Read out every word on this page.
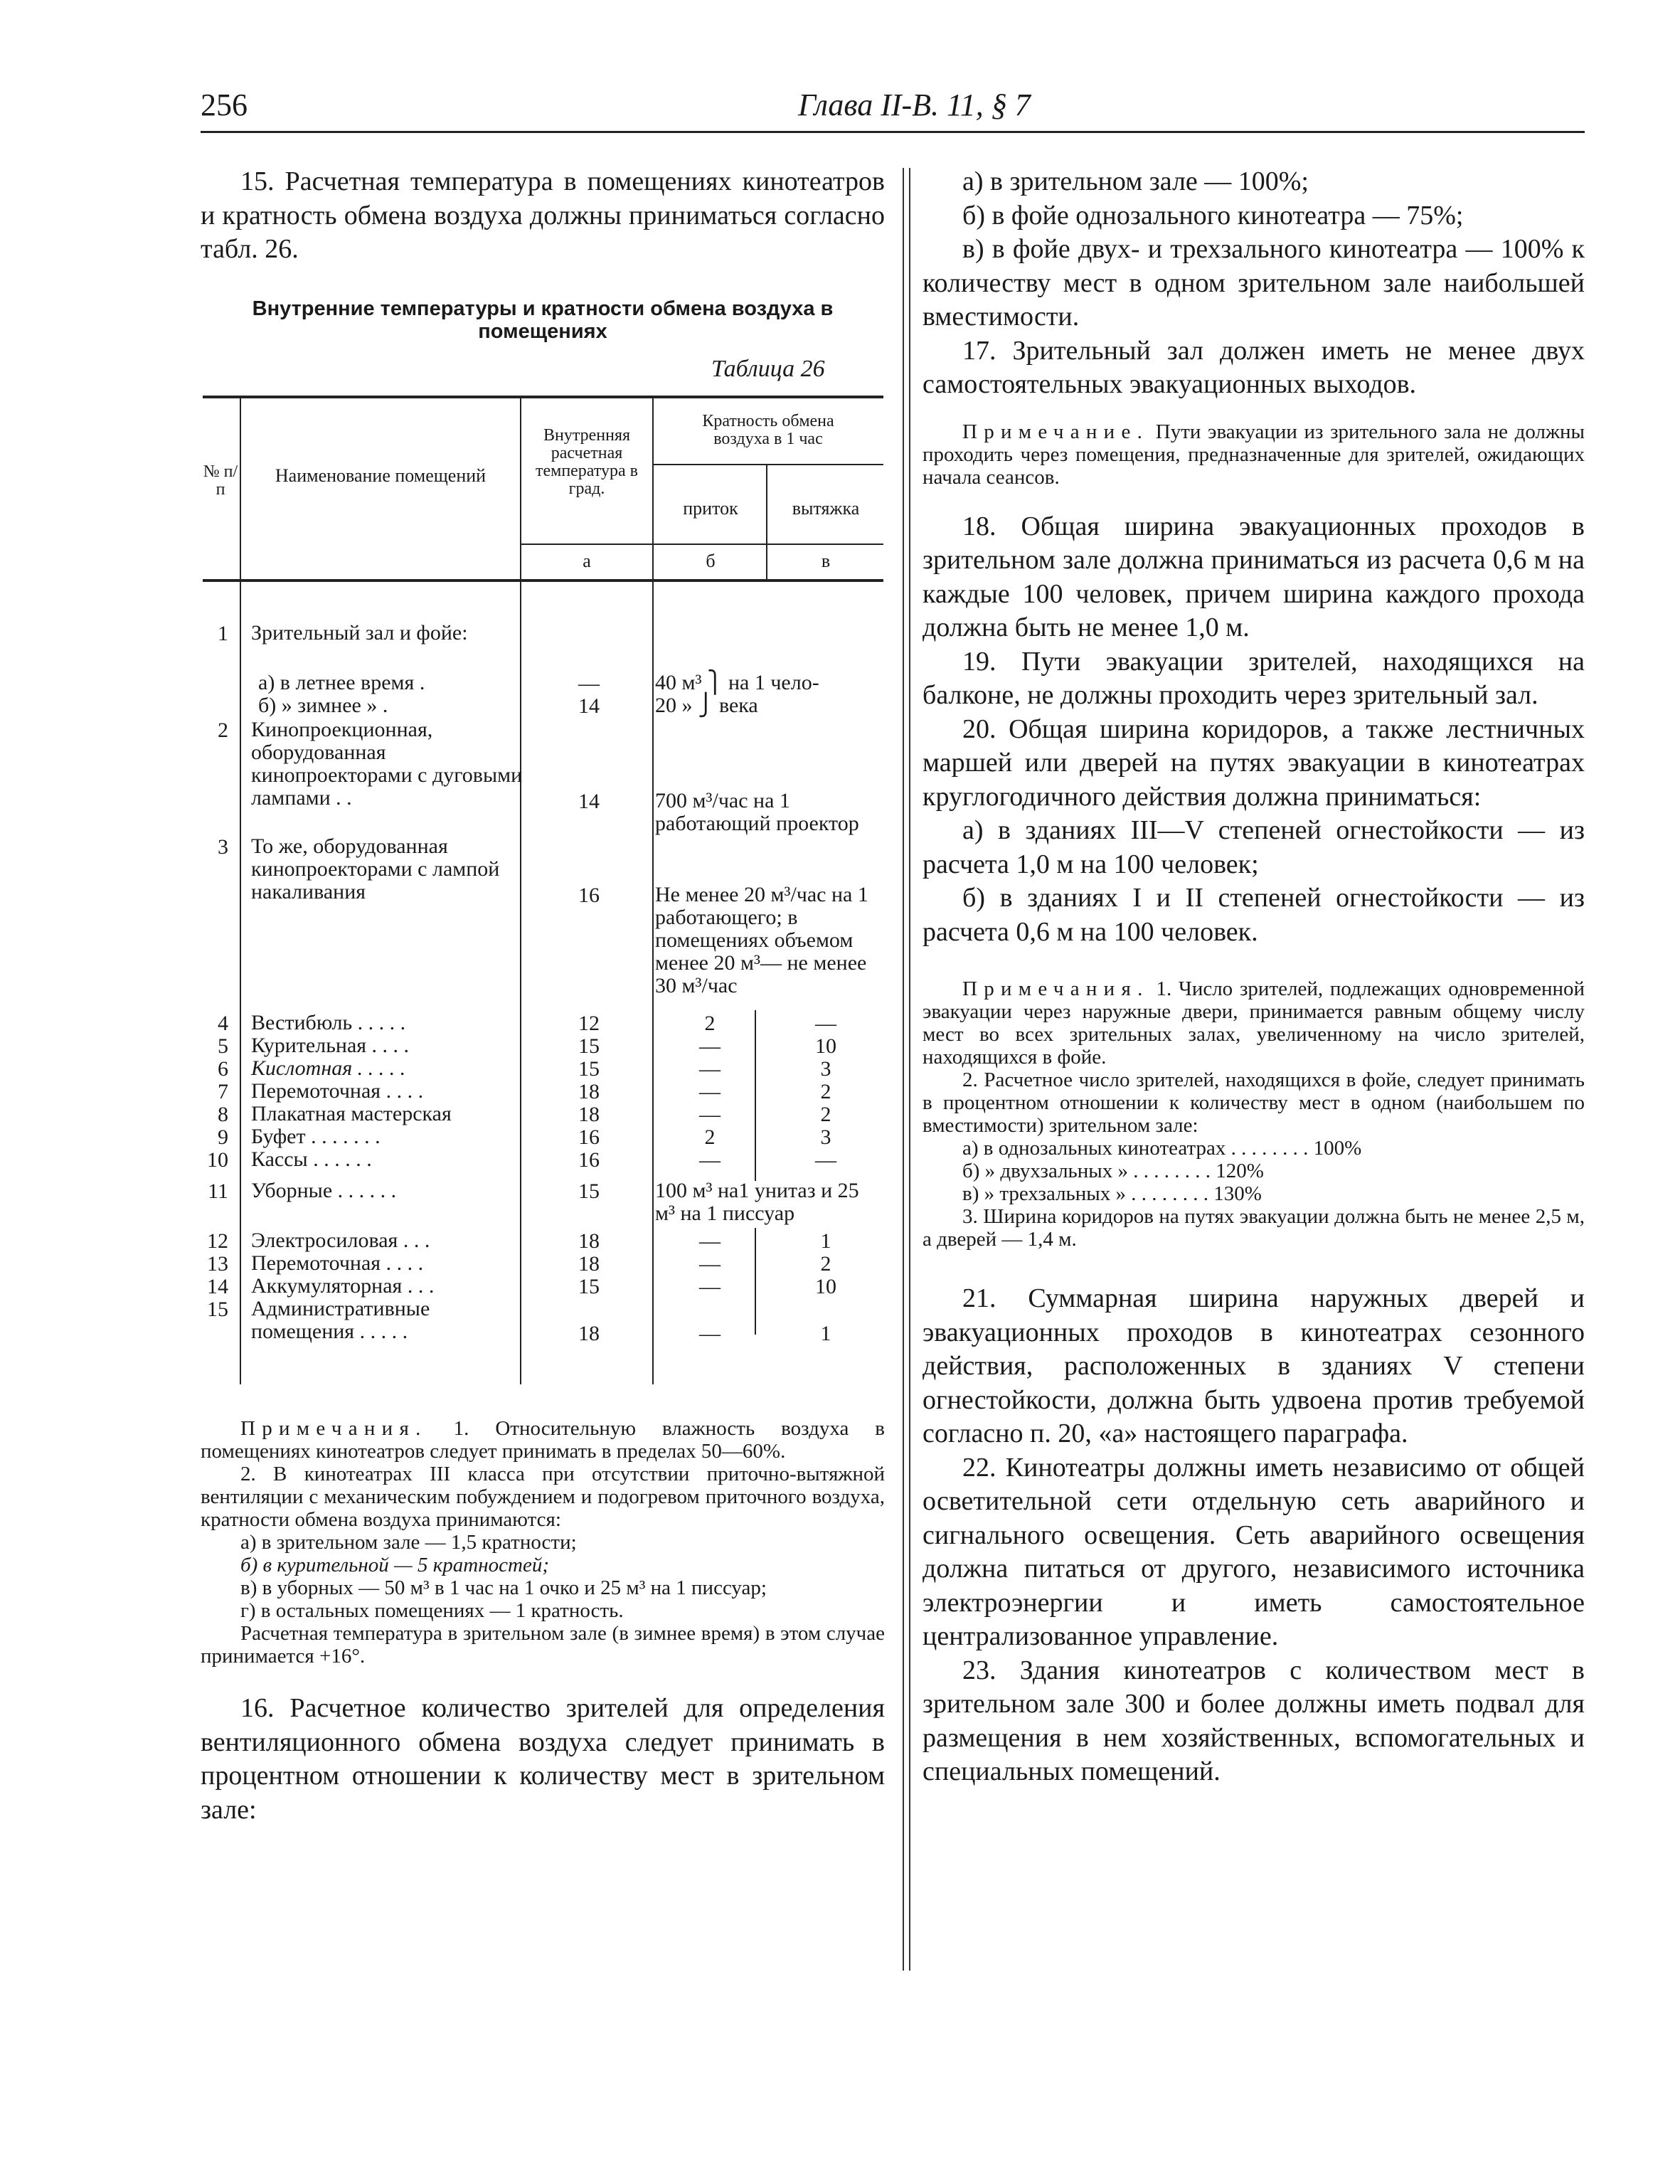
256	Глава II-В. 11, § 7

15. Расчетная температура в помещениях кинотеатров и кратность обмена воздуха должны приниматься согласно табл. 26.

Внутренние температуры и кратности обмена воздуха в помещениях
Таблица 26
№ п/п
Наименование помещений
Внутренняя расчетная температура в град.
Кратность обмена воздуха в 1 час
приток	вытяжка
а	б	в
1 Зрительный зал и фойе:
а) в летнее время .	—	40 м³ ⎫ на 1 чело-
б) » зимнее » .	14	20 » ⎭ века
2 Кинопроекционная, оборудованная кинопроекторами с дуговыми лампами . .	14	700 м³/час на 1 работающий проектор
3 То же, оборудованная кинопроекторами с лампой накаливания	16	Не менее 20 м³/час на 1 работающего; в помещениях объемом менее 20 м³— не менее 30 м³/час
4 Вестибюль . . . . .	12	2	—
5 Курительная . . . .	15	—	10
6 Кислотная . . . . .	15	—	3
7 Перемоточная . . . .	18	—	2
8 Плакатная мастерская	18	—	2
9 Буфет . . . . . . .	16	2	3
10 Кассы . . . . . .	16	—	—
11 Уборные . . . . . .	15	100 м³ на1 унитаз и 25 м³ на 1 писсуар
12 Электросиловая . . .	18	—	1
13 Перемоточная . . . .	18	—	2
14 Аккумуляторная . . .	15	—	10
15 Административные помещения . . . . .	18	—	1

Примечания. 1. Относительную влажность воздуха в помещениях кинотеатров следует принимать в пределах 50—60%.

2. В кинотеатрах III класса при отсутствии приточно-вытяжной вентиляции с механическим побуждением и подогревом приточного воздуха, кратности обмена воздуха принимаются:

а) в зрительном зале — 1,5 кратности;

б) в курительной — 5 кратностей;

в) в уборных — 50 м³ в 1 час на 1 очко и 25 м³ на 1 писсуар;

г) в остальных помещениях — 1 кратность.

Расчетная температура в зрительном зале (в зимнее время) в этом случае принимается +16°.

16. Расчетное количество зрителей для определения вентиляционного обмена воздуха следует принимать в процентном отношении к количеству мест в зрительном зале:

а) в зрительном зале — 100%;

б) в фойе однозального кинотеатра — 75%;

в) в фойе двух- и трехзального кинотеатра — 100% к количеству мест в одном зрительном зале наибольшей вместимости.

17. Зрительный зал должен иметь не менее двух самостоятельных эвакуационных выходов.

Примечание. Пути эвакуации из зрительного зала не должны проходить через помещения, предназначенные для зрителей, ожидающих начала сеансов.

18. Общая ширина эвакуационных проходов в зрительном зале должна приниматься из расчета 0,6 м на каждые 100 человек, причем ширина каждого прохода должна быть не менее 1,0 м.

19. Пути эвакуации зрителей, находящихся на балконе, не должны проходить через зрительный зал.

20. Общая ширина коридоров, а также лестничных маршей или дверей на путях эвакуации в кинотеатрах круглогодичного действия должна приниматься:

а) в зданиях III—V степеней огнестойкости — из расчета 1,0 м на 100 человек;

б) в зданиях I и II степеней огнестойкости — из расчета 0,6 м на 100 человек.

Примечания. 1. Число зрителей, подлежащих одновременной эвакуации через наружные двери, принимается равным общему числу мест во всех зрительных залах, увеличенному на число зрителей, находящихся в фойе.

2. Расчетное число зрителей, находящихся в фойе, следует принимать в процентном отношении к количеству мест в одном (наибольшем по вместимости) зрительном зале:

а) в однозальных кинотеатрах . . . . . . . . 100%

б) » двухзальных » . . . . . . . . 120%

в) » трехзальных » . . . . . . . . 130%

3. Ширина коридоров на путях эвакуации должна быть не менее 2,5 м, а дверей — 1,4 м.

21. Суммарная ширина наружных дверей и эвакуационных проходов в кинотеатрах сезонного действия, расположенных в зданиях V степени огнестойкости, должна быть удвоена против требуемой согласно п. 20, «а» настоящего параграфа.

22. Кинотеатры должны иметь независимо от общей осветительной сети отдельную сеть аварийного и сигнального освещения. Сеть аварийного освещения должна питаться от другого, независимого источника электроэнергии и иметь самостоятельное централизованное управление.

23. Здания кинотеатров с количеством мест в зрительном зале 300 и более должны иметь подвал для размещения в нем хозяйственных, вспомогательных и специальных помещений.
